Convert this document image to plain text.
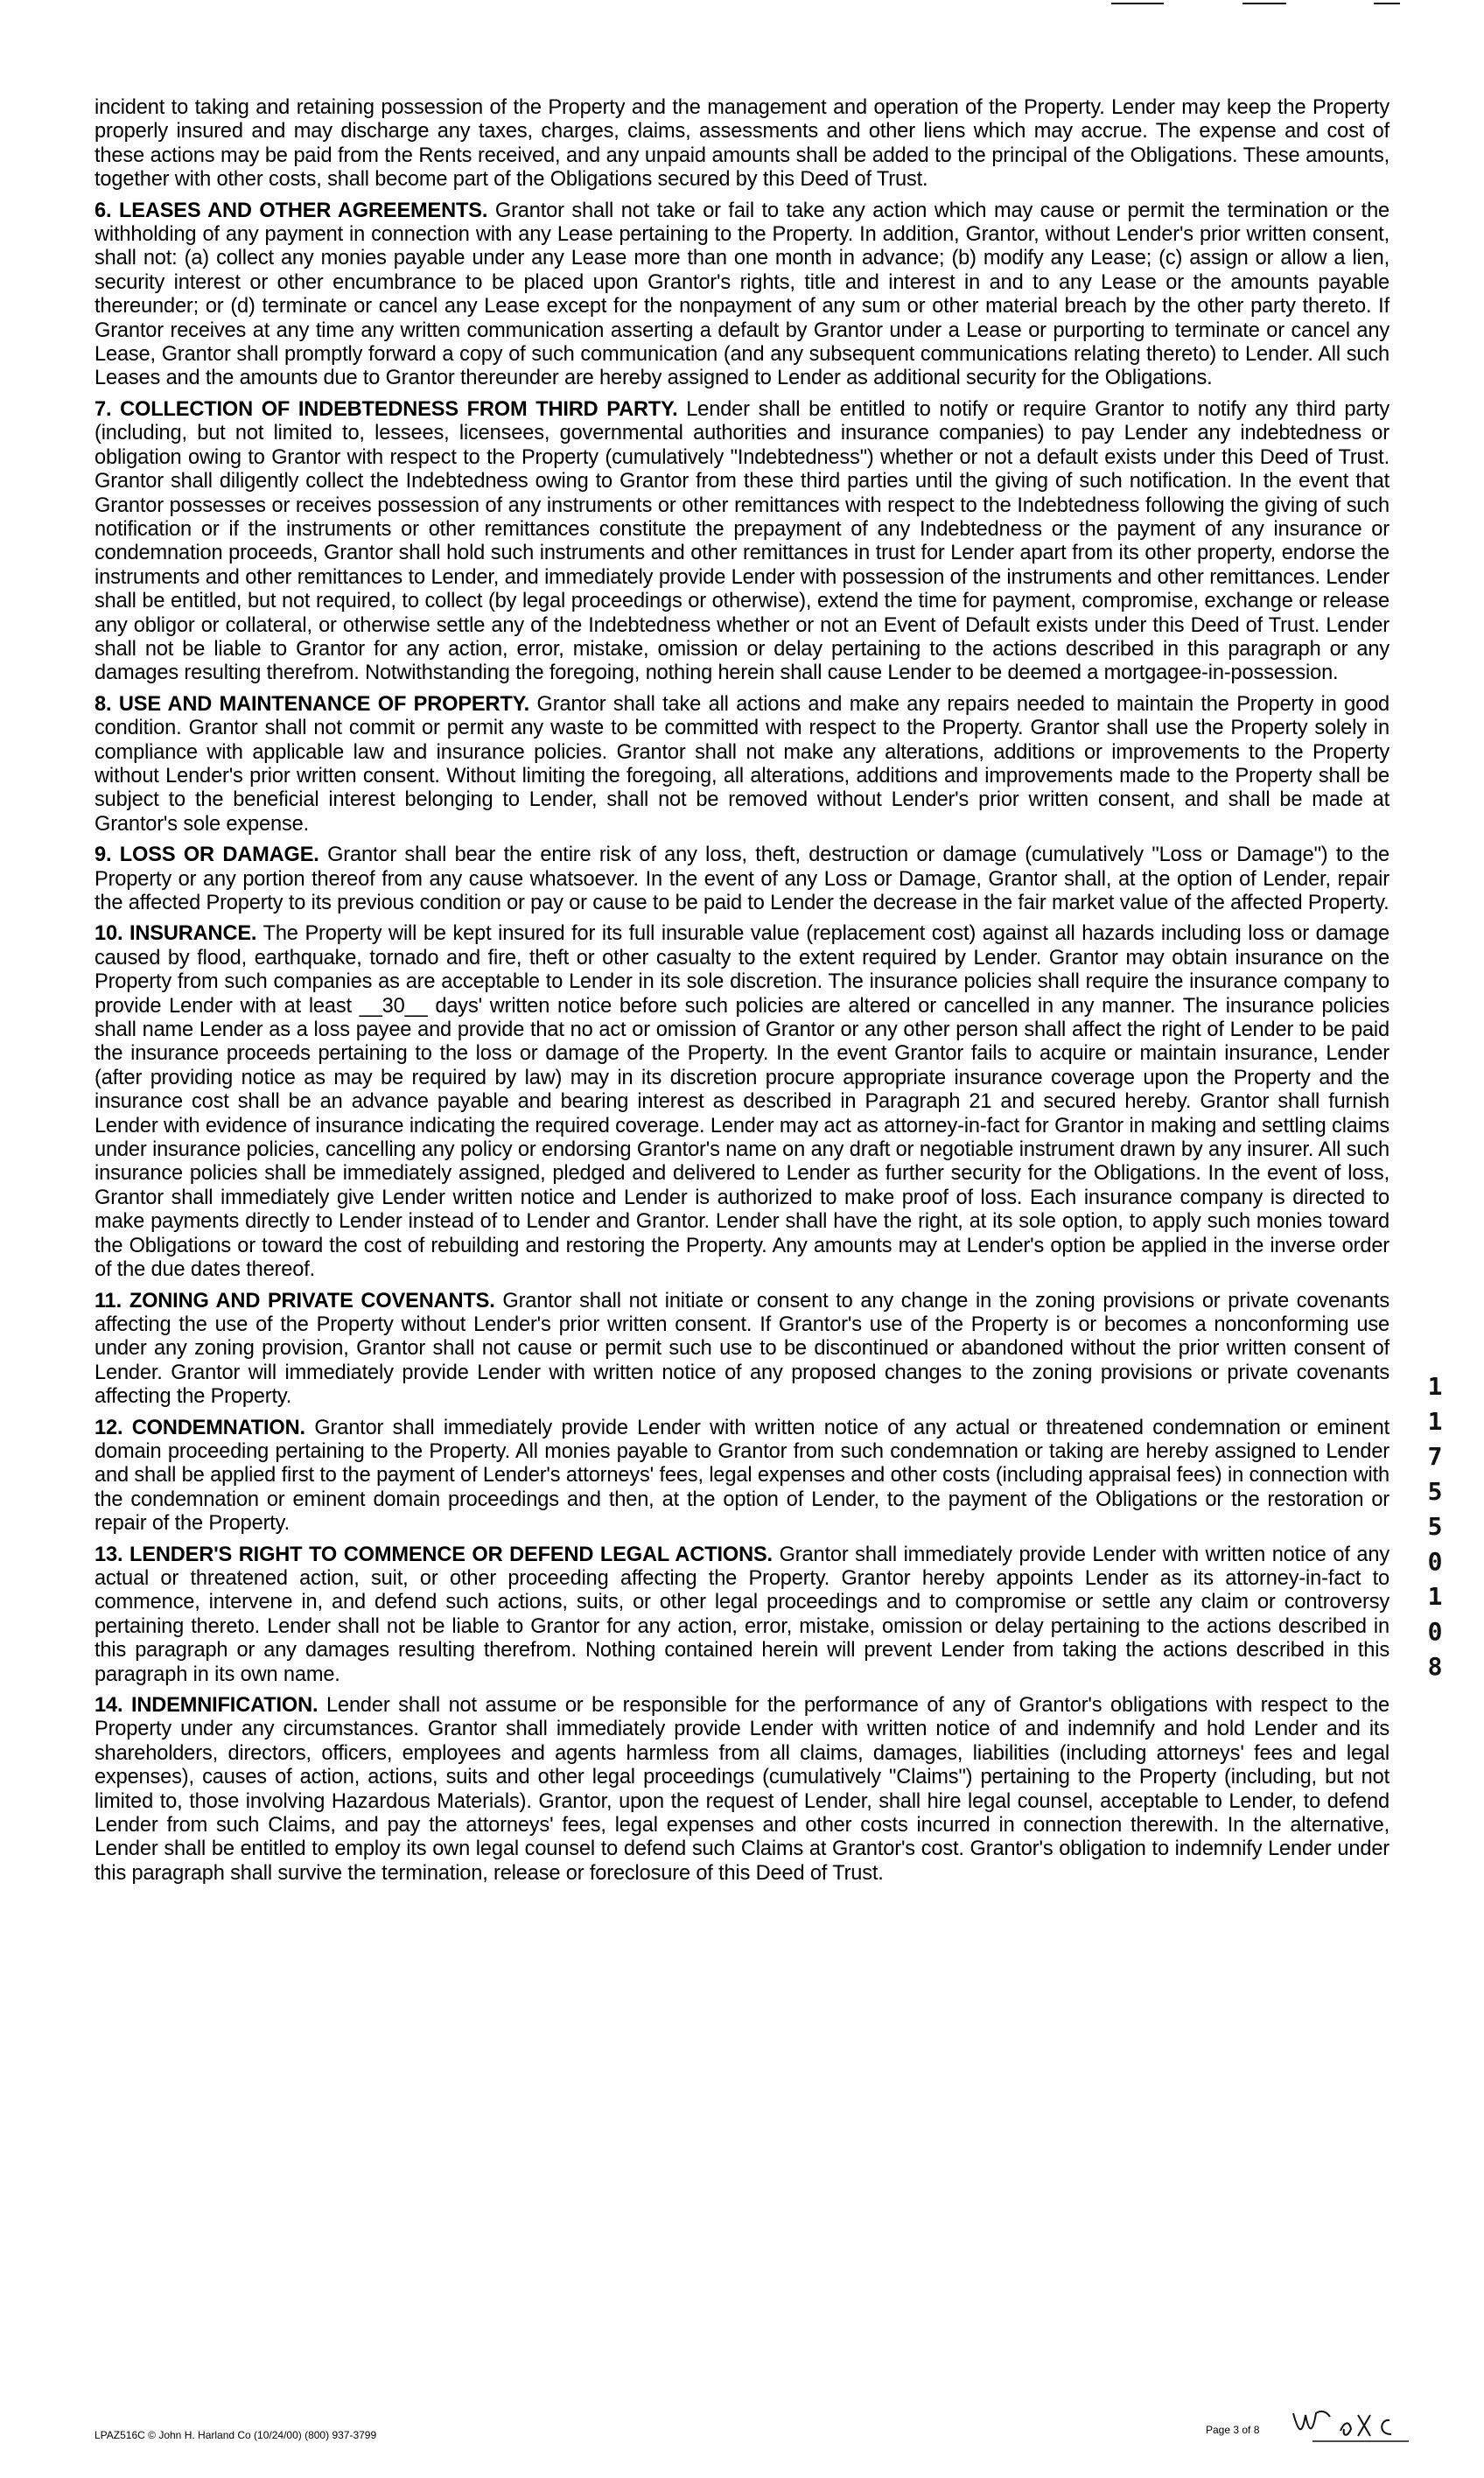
incident to taking and retaining possession of the Property and the management and operation of the Property. Lender may keep the Property properly insured and may discharge any taxes, charges, claims, assessments and other liens which may accrue. The expense and cost of these actions may be paid from the Rents received, and any unpaid amounts shall be added to the principal of the Obligations. These amounts, together with other costs, shall become part of the Obligations secured by this Deed of Trust.

6. LEASES AND OTHER AGREEMENTS. Grantor shall not take or fail to take any action which may cause or permit the termination or the withholding of any payment in connection with any Lease pertaining to the Property. In addition, Grantor, without Lender's prior written consent, shall not: (a) collect any monies payable under any Lease more than one month in advance; (b) modify any Lease; (c) assign or allow a lien, security interest or other encumbrance to be placed upon Grantor's rights, title and interest in and to any Lease or the amounts payable thereunder; or (d) terminate or cancel any Lease except for the nonpayment of any sum or other material breach by the other party thereto. If Grantor receives at any time any written communication asserting a default by Grantor under a Lease or purporting to terminate or cancel any Lease, Grantor shall promptly forward a copy of such communication (and any subsequent communications relating thereto) to Lender. All such Leases and the amounts due to Grantor thereunder are hereby assigned to Lender as additional security for the Obligations.

7. COLLECTION OF INDEBTEDNESS FROM THIRD PARTY. Lender shall be entitled to notify or require Grantor to notify any third party (including, but not limited to, lessees, licensees, governmental authorities and insurance companies) to pay Lender any indebtedness or obligation owing to Grantor with respect to the Property (cumulatively "Indebtedness") whether or not a default exists under this Deed of Trust. Grantor shall diligently collect the Indebtedness owing to Grantor from these third parties until the giving of such notification. In the event that Grantor possesses or receives possession of any instruments or other remittances with respect to the Indebtedness following the giving of such notification or if the instruments or other remittances constitute the prepayment of any Indebtedness or the payment of any insurance or condemnation proceeds, Grantor shall hold such instruments and other remittances in trust for Lender apart from its other property, endorse the instruments and other remittances to Lender, and immediately provide Lender with possession of the instruments and other remittances. Lender shall be entitled, but not required, to collect (by legal proceedings or otherwise), extend the time for payment, compromise, exchange or release any obligor or collateral, or otherwise settle any of the Indebtedness whether or not an Event of Default exists under this Deed of Trust. Lender shall not be liable to Grantor for any action, error, mistake, omission or delay pertaining to the actions described in this paragraph or any damages resulting therefrom. Notwithstanding the foregoing, nothing herein shall cause Lender to be deemed a mortgagee-in-possession.

8. USE AND MAINTENANCE OF PROPERTY. Grantor shall take all actions and make any repairs needed to maintain the Property in good condition. Grantor shall not commit or permit any waste to be committed with respect to the Property. Grantor shall use the Property solely in compliance with applicable law and insurance policies. Grantor shall not make any alterations, additions or improvements to the Property without Lender's prior written consent. Without limiting the foregoing, all alterations, additions and improvements made to the Property shall be subject to the beneficial interest belonging to Lender, shall not be removed without Lender's prior written consent, and shall be made at Grantor's sole expense.

9. LOSS OR DAMAGE. Grantor shall bear the entire risk of any loss, theft, destruction or damage (cumulatively "Loss or Damage") to the Property or any portion thereof from any cause whatsoever. In the event of any Loss or Damage, Grantor shall, at the option of Lender, repair the affected Property to its previous condition or pay or cause to be paid to Lender the decrease in the fair market value of the affected Property.

10. INSURANCE. The Property will be kept insured for its full insurable value (replacement cost) against all hazards including loss or damage caused by flood, earthquake, tornado and fire, theft or other casualty to the extent required by Lender. Grantor may obtain insurance on the Property from such companies as are acceptable to Lender in its sole discretion. The insurance policies shall require the insurance company to provide Lender with at least __30__ days' written notice before such policies are altered or cancelled in any manner. The insurance policies shall name Lender as a loss payee and provide that no act or omission of Grantor or any other person shall affect the right of Lender to be paid the insurance proceeds pertaining to the loss or damage of the Property. In the event Grantor fails to acquire or maintain insurance, Lender (after providing notice as may be required by law) may in its discretion procure appropriate insurance coverage upon the Property and the insurance cost shall be an advance payable and bearing interest as described in Paragraph 21 and secured hereby. Grantor shall furnish Lender with evidence of insurance indicating the required coverage. Lender may act as attorney-in-fact for Grantor in making and settling claims under insurance policies, cancelling any policy or endorsing Grantor's name on any draft or negotiable instrument drawn by any insurer. All such insurance policies shall be immediately assigned, pledged and delivered to Lender as further security for the Obligations. In the event of loss, Grantor shall immediately give Lender written notice and Lender is authorized to make proof of loss. Each insurance company is directed to make payments directly to Lender instead of to Lender and Grantor. Lender shall have the right, at its sole option, to apply such monies toward the Obligations or toward the cost of rebuilding and restoring the Property. Any amounts may at Lender's option be applied in the inverse order of the due dates thereof.

11. ZONING AND PRIVATE COVENANTS. Grantor shall not initiate or consent to any change in the zoning provisions or private covenants affecting the use of the Property without Lender's prior written consent. If Grantor's use of the Property is or becomes a nonconforming use under any zoning provision, Grantor shall not cause or permit such use to be discontinued or abandoned without the prior written consent of Lender. Grantor will immediately provide Lender with written notice of any proposed changes to the zoning provisions or private covenants affecting the Property.

12. CONDEMNATION. Grantor shall immediately provide Lender with written notice of any actual or threatened condemnation or eminent domain proceeding pertaining to the Property. All monies payable to Grantor from such condemnation or taking are hereby assigned to Lender and shall be applied first to the payment of Lender's attorneys' fees, legal expenses and other costs (including appraisal fees) in connection with the condemnation or eminent domain proceedings and then, at the option of Lender, to the payment of the Obligations or the restoration or repair of the Property.

13. LENDER'S RIGHT TO COMMENCE OR DEFEND LEGAL ACTIONS. Grantor shall immediately provide Lender with written notice of any actual or threatened action, suit, or other proceeding affecting the Property. Grantor hereby appoints Lender as its attorney-in-fact to commence, intervene in, and defend such actions, suits, or other legal proceedings and to compromise or settle any claim or controversy pertaining thereto. Lender shall not be liable to Grantor for any action, error, mistake, omission or delay pertaining to the actions described in this paragraph or any damages resulting therefrom. Nothing contained herein will prevent Lender from taking the actions described in this paragraph in its own name.

14. INDEMNIFICATION. Lender shall not assume or be responsible for the performance of any of Grantor's obligations with respect to the Property under any circumstances. Grantor shall immediately provide Lender with written notice of and indemnify and hold Lender and its shareholders, directors, officers, employees and agents harmless from all claims, damages, liabilities (including attorneys' fees and legal expenses), causes of action, actions, suits and other legal proceedings (cumulatively "Claims") pertaining to the Property (including, but not limited to, those involving Hazardous Materials). Grantor, upon the request of Lender, shall hire legal counsel, acceptable to Lender, to defend Lender from such Claims, and pay the attorneys' fees, legal expenses and other costs incurred in connection therewith. In the alternative, Lender shall be entitled to employ its own legal counsel to defend such Claims at Grantor's cost. Grantor's obligation to indemnify Lender under this paragraph shall survive the termination, release or foreclosure of this Deed of Trust.

1
1
7
5
5
0
1
0
8
LPAZ516C © John H. Harland Co (10/24/00) (800) 937-3799	Page 3 of 8
